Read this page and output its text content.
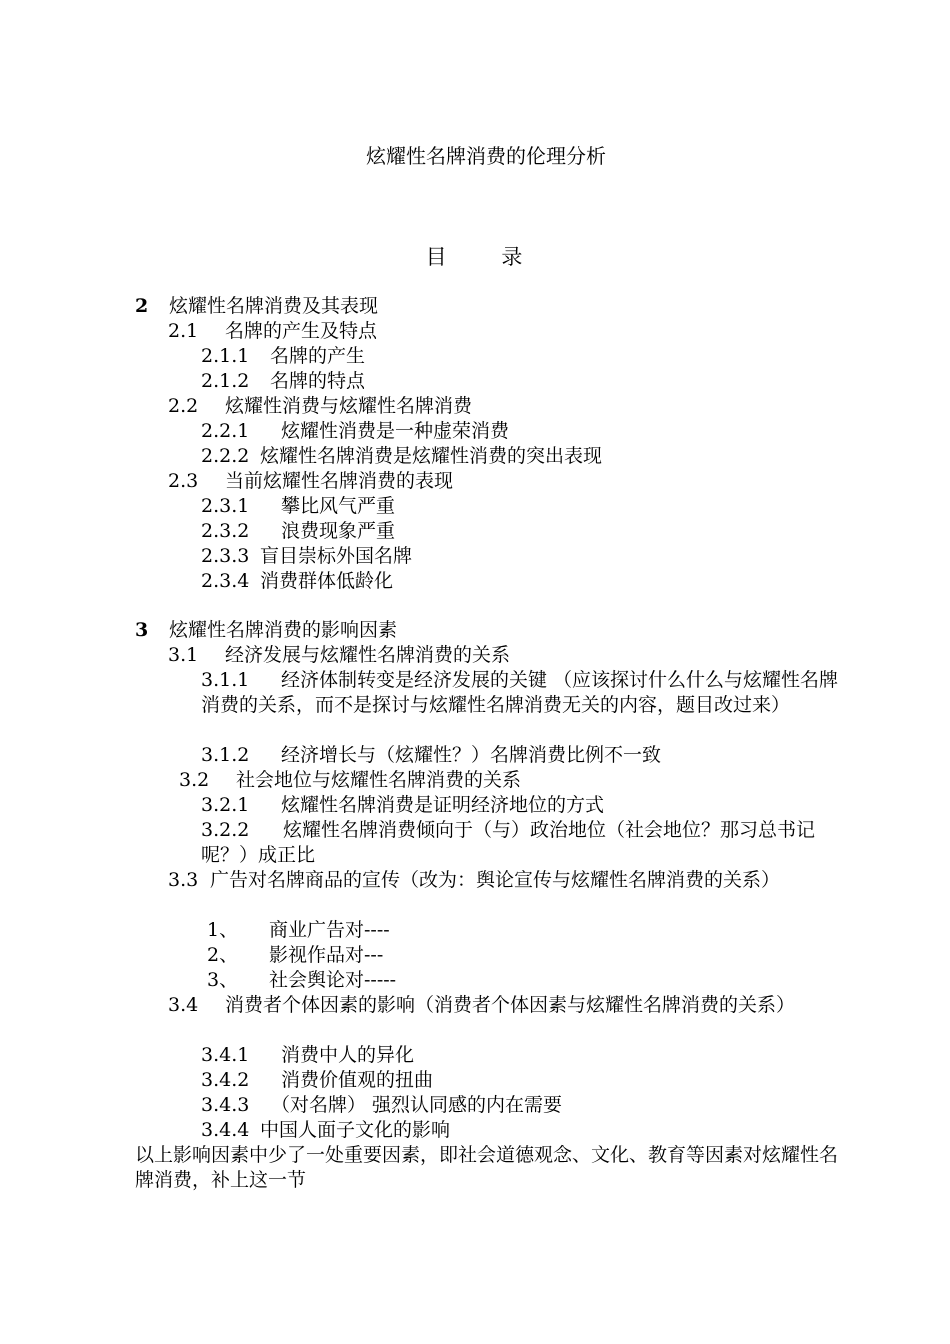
炫耀性名牌消费的伦理分析
目 录
2 炫耀性名牌消费及其表现
2.1 名牌的产生及特点
2.1.1 名牌的产生
2.1.2 名牌的特点
2.2 炫耀性消费与炫耀性名牌消费
2.2.1 炫耀性消费是一种虚荣消费
2.2.2 炫耀性名牌消费是炫耀性消费的突出表现
2.3 当前炫耀性名牌消费的表现
2.3.1 攀比风气严重
2.3.2 浪费现象严重
2.3.3 盲目崇标外国名牌
2.3.4 消费群体低龄化
3 炫耀性名牌消费的影响因素
3.1 经济发展与炫耀性名牌消费的关系
3.1.1 经济体制转变是经济发展的关键 （应该探讨什么什么与炫耀性名牌消费的关系，而不是探讨与炫耀性名牌消费无关的内容，题目改过来）
3.1.2 经济增长与（炫耀性？）名牌消费比例不一致
3.2 社会地位与炫耀性名牌消费的关系
3.2.1 炫耀性名牌消费是证明经济地位的方式
3.2.2 炫耀性名牌消费倾向于（与）政治地位（社会地位？那习总书记呢？）成正比
3.3 广告对名牌商品的宣传（改为：舆论宣传与炫耀性名牌消费的关系）
1、 商业广告对----
2、 影视作品对---
3、 社会舆论对-----
3.4 消费者个体因素的影响（消费者个体因素与炫耀性名牌消费的关系）
3.4.1 消费中人的异化
3.4.2 消费价值观的扭曲
3.4.3 （对名牌） 强烈认同感的内在需要
3.4.4 中国人面子文化的影响
以上影响因素中少了一处重要因素，即社会道德观念、文化、教育等因素对炫耀性名牌消费，补上这一节
